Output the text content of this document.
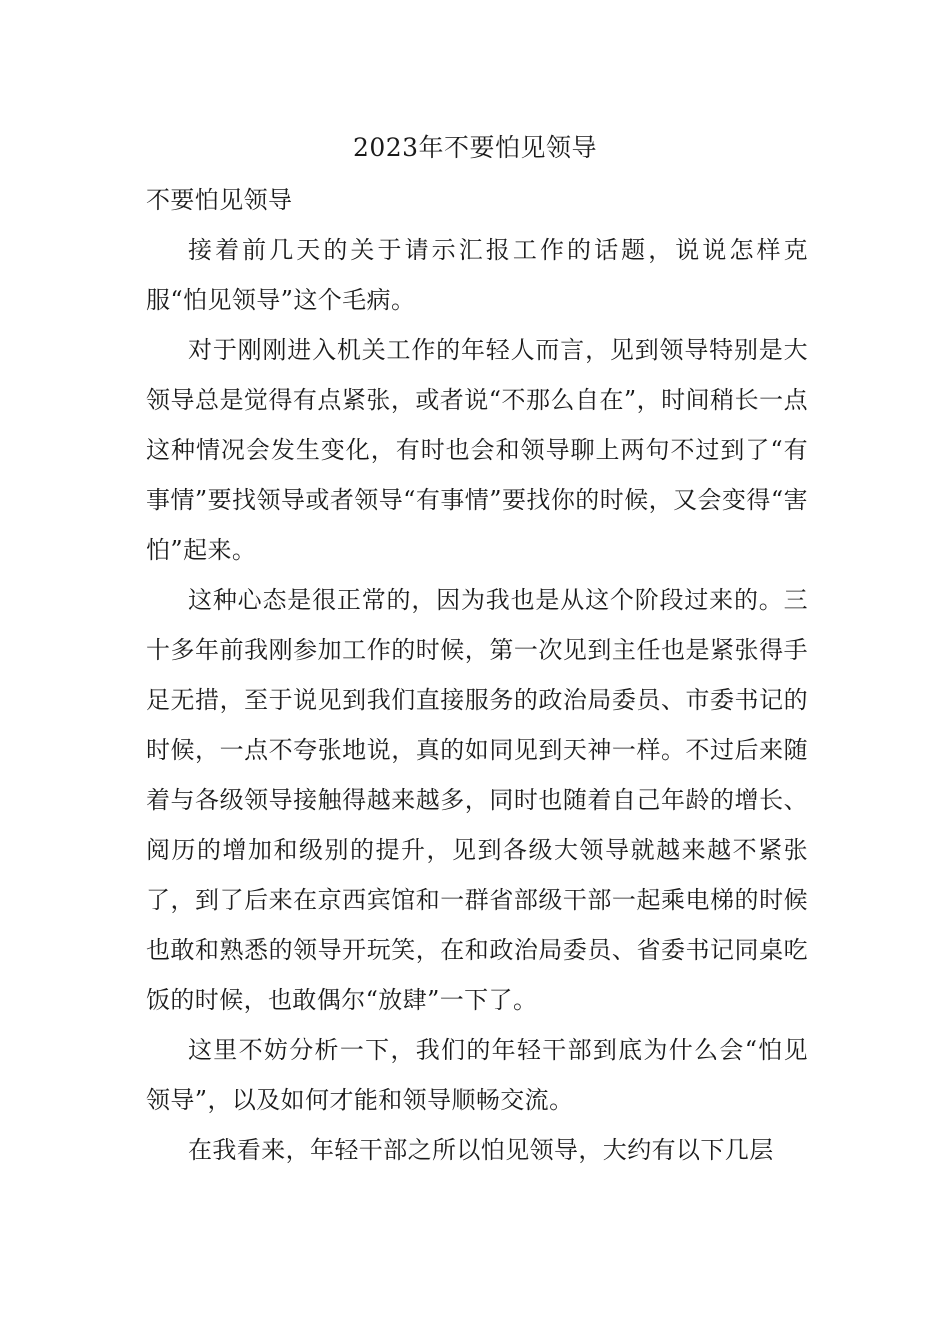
2023年不要怕见领导

不要怕见领导

接着前几天的关于请示汇报工作的话题，说说怎样克服“怕见领导”这个毛病。

对于刚刚进入机关工作的年轻人而言，见到领导特别是大领导总是觉得有点紧张，或者说“不那么自在”，时间稍长一点这种情况会发生变化，有时也会和领导聊上两句不过到了“有事情”要找领导或者领导“有事情”要找你的时候，又会变得“害怕”起来。

这种心态是很正常的，因为我也是从这个阶段过来的。三十多年前我刚参加工作的时候，第一次见到主任也是紧张得手足无措，至于说见到我们直接服务的政治局委员、市委书记的时候，一点不夸张地说，真的如同见到天神一样。不过后来随着与各级领导接触得越来越多，同时也随着自己年龄的增长、阅历的增加和级别的提升，见到各级大领导就越来越不紧张了，到了后来在京西宾馆和一群省部级干部一起乘电梯的时候也敢和熟悉的领导开玩笑，在和政治局委员、省委书记同桌吃饭的时候，也敢偶尔“放肆”一下了。

这里不妨分析一下，我们的年轻干部到底为什么会“怕见领导”，以及如何才能和领导顺畅交流。

在我看来，年轻干部之所以怕见领导，大约有以下几层
